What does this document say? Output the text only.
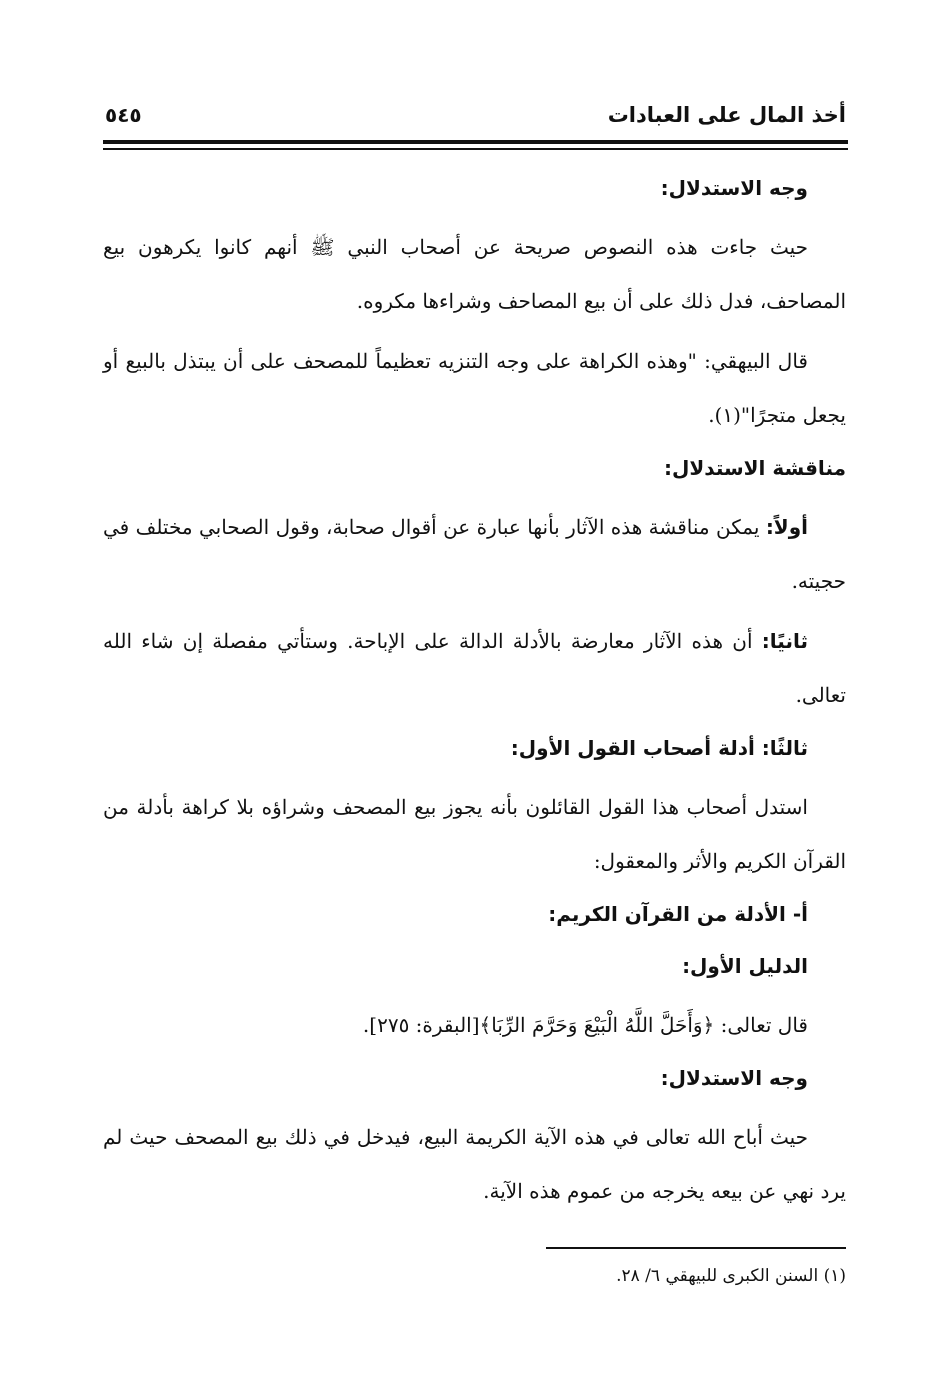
أخذ المال على العبادات
٥٤٥
وجه الاستدلال:
حيث جاءت هذه النصوص صريحة عن أصحاب النبي ﷺ أنهم كانوا يكرهون بيع المصاحف، فدل ذلك على أن بيع المصاحف وشراءها مكروه.
قال البيهقي: "وهذه الكراهة على وجه التنزيه تعظيماً للمصحف على أن يبتذل بالبيع أو يجعل متجرًا"(١).
مناقشة الاستدلال:
أولاً: يمكن مناقشة هذه الآثار بأنها عبارة عن أقوال صحابة، وقول الصحابي مختلف في حجيته.
ثانيًا: أن هذه الآثار معارضة بالأدلة الدالة على الإباحة. وستأتي مفصلة إن شاء الله تعالى.
ثالثًا: أدلة أصحاب القول الأول:
استدل أصحاب هذا القول القائلون بأنه يجوز بيع المصحف وشراؤه بلا كراهة بأدلة من القرآن الكريم والأثر والمعقول:
أ- الأدلة من القرآن الكريم:
الدليل الأول:
قال تعالى: ﴿وَأَحَلَّ اللَّهُ الْبَيْعَ وَحَرَّمَ الرِّبَا﴾[البقرة: ٢٧٥].
وجه الاستدلال:
حيث أباح الله تعالى في هذه الآية الكريمة البيع، فيدخل في ذلك بيع المصحف حيث لم يرد نهي عن بيعه يخرجه من عموم هذه الآية.
(١) السنن الكبرى للبيهقي ٦/ ٢٨.
